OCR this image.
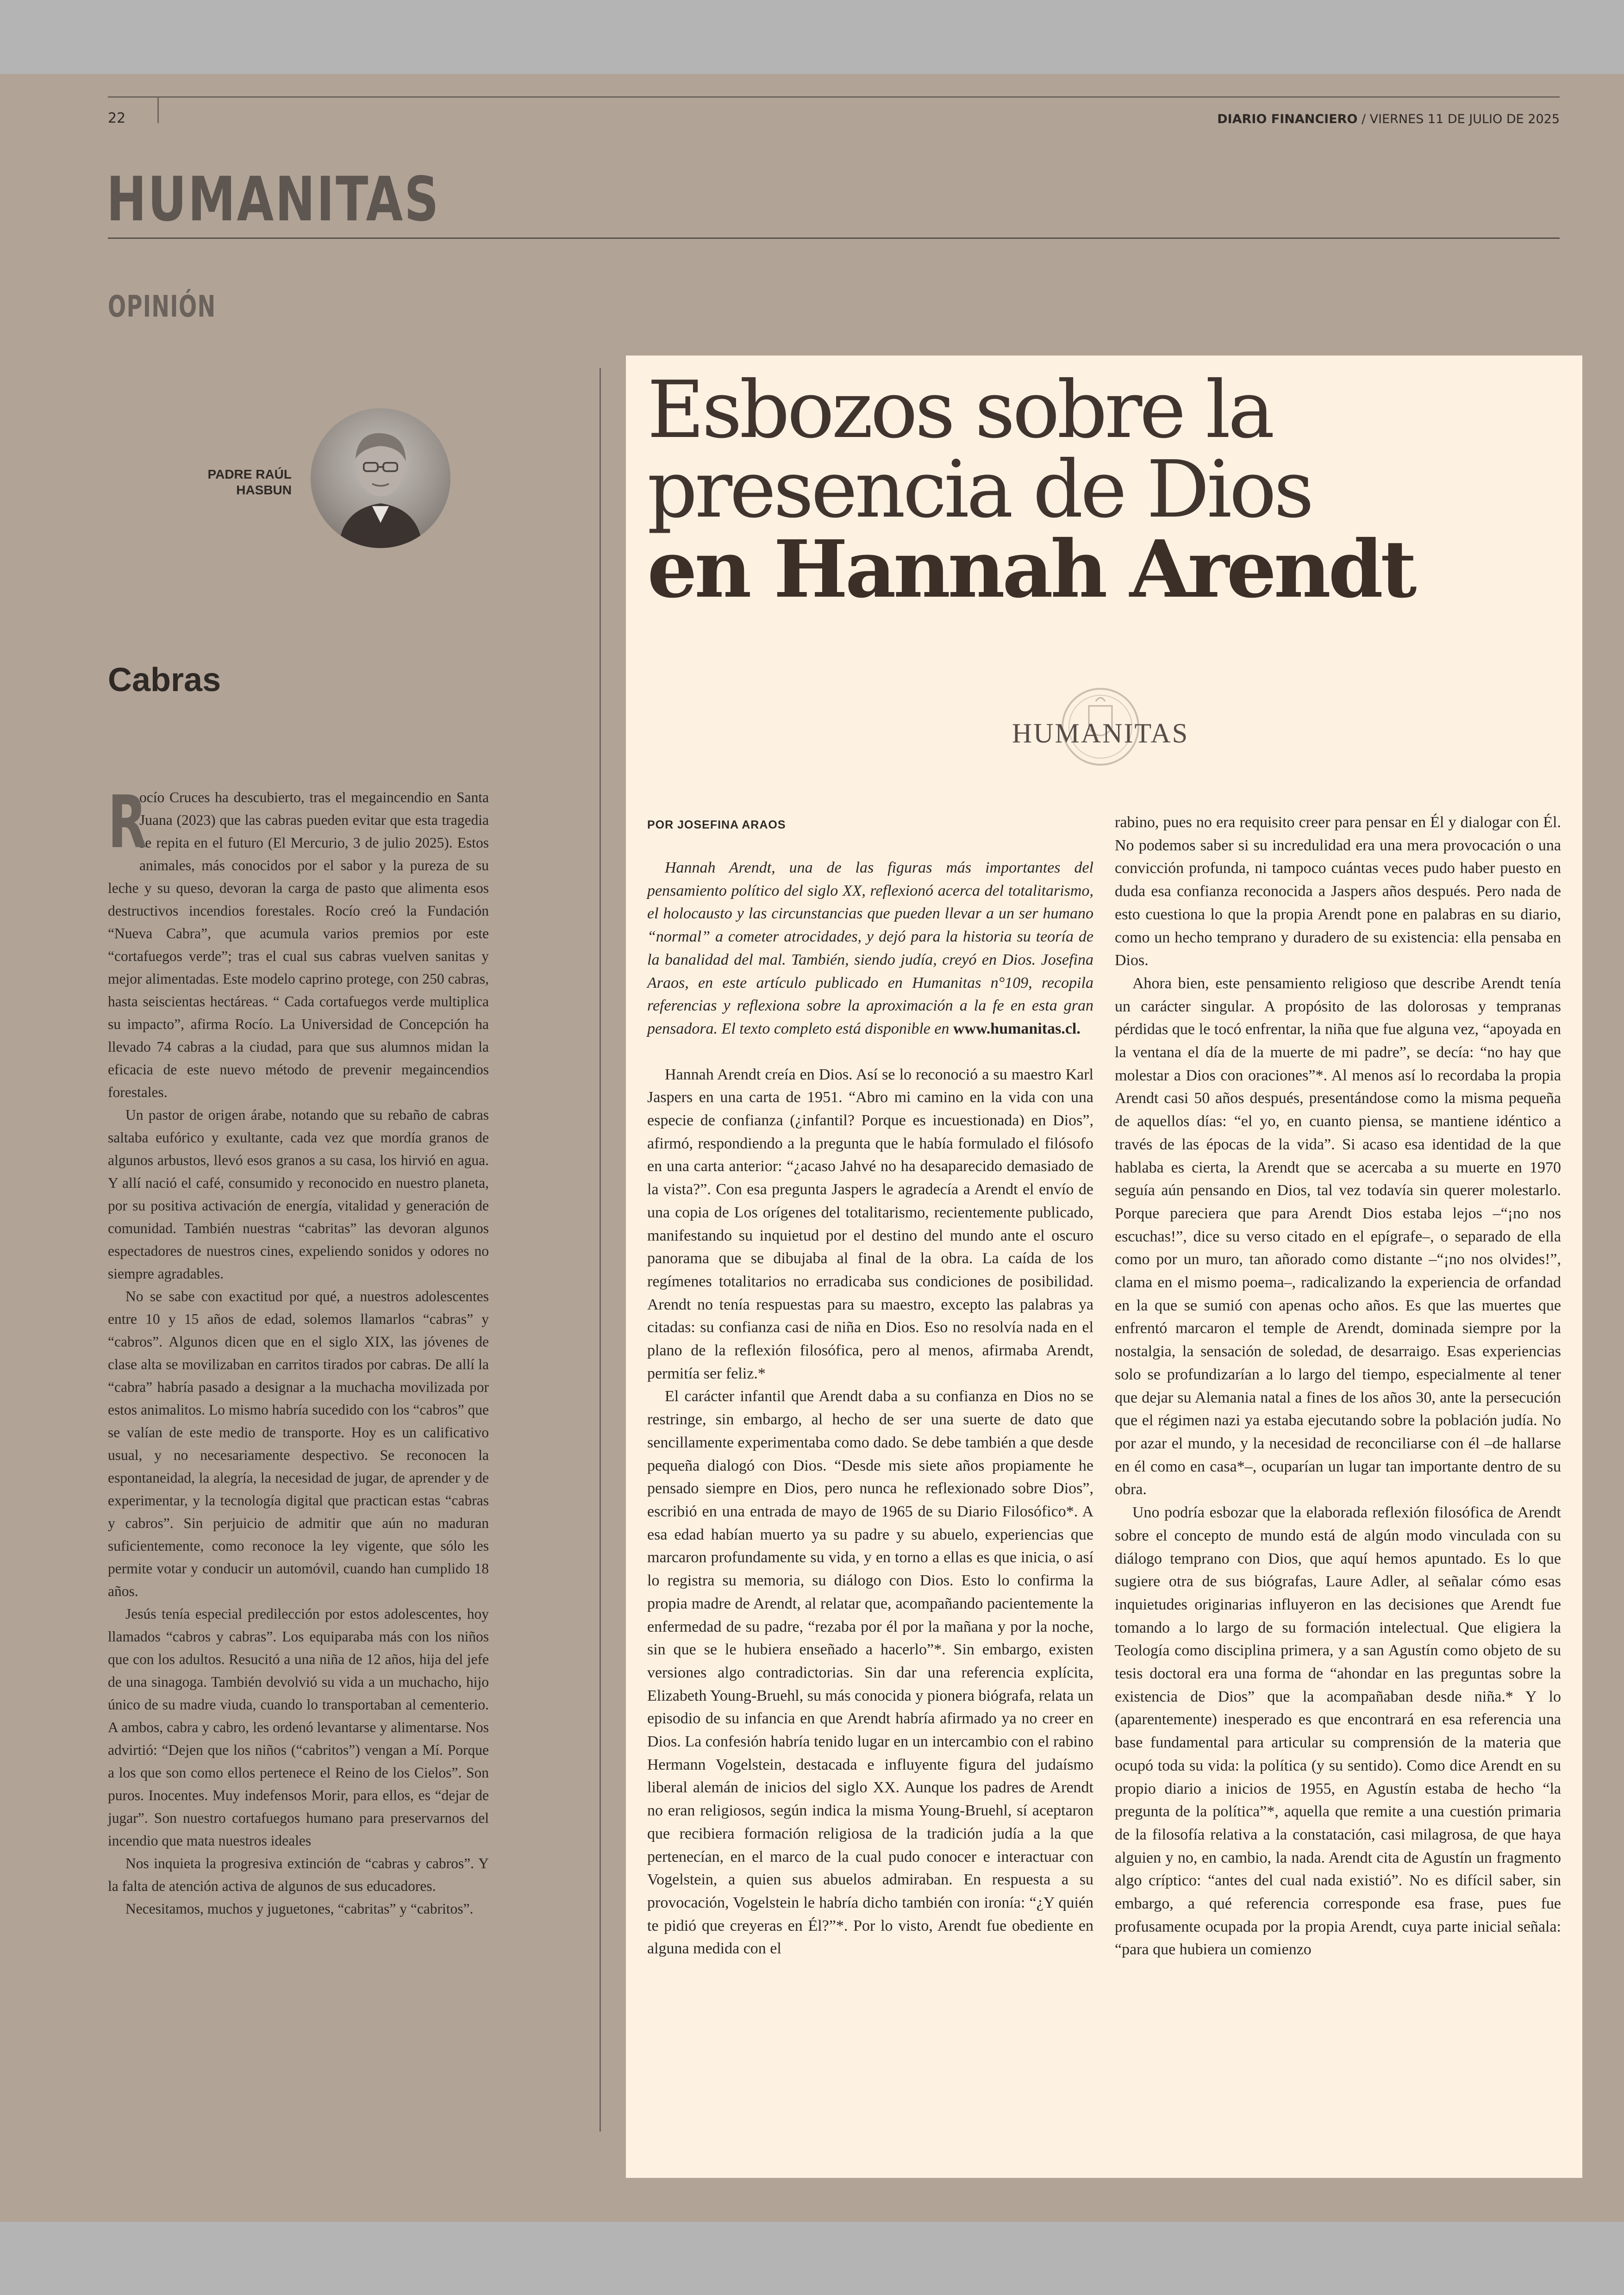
22	DIARIO FINANCIERO / VIERNES 11 DE JULIO DE 2025
HUMANITAS
OPINIÓN
PADRE RAÚL
HASBUN
Cabras

R
ocío Cruces ha descubierto, tras el megaincendio en Santa Juana (2023) que las cabras pueden evitar que esta tragedia se repita en el futuro (El Mercurio, 3 de julio 2025). Estos animales, más conocidos por el sabor y la pureza de su leche y su queso, devoran la carga de pasto que alimenta esos destructivos incendios forestales. Rocío creó la Fundación “Nueva Cabra”, que acumula varios premios por este “cortafuegos verde”; tras el cual sus cabras vuelven sanitas y mejor alimentadas. Este modelo caprino protege, con 250 cabras, hasta seiscientas hectáreas. “ Cada cortafuegos verde multiplica su impacto”, afirma Rocío. La Universidad de Concepción ha llevado 74 cabras a la ciudad, para que sus alumnos midan la eficacia de este nuevo método de prevenir megaincendios forestales.

Un pastor de origen árabe, notando que su rebaño de cabras saltaba eufórico y exultante, cada vez que mordía granos de algunos arbustos, llevó esos granos a su casa, los hirvió en agua. Y allí nació el café, consumido y reconocido en nuestro planeta, por su positiva activación de energía, vitalidad y generación de comunidad. También nuestras “cabritas” las devoran algunos espectadores de nuestros cines, expeliendo sonidos y odores no siempre agradables.

No se sabe con exactitud por qué, a nuestros adolescentes entre 10 y 15 años de edad, solemos llamarlos “cabras” y “cabros”. Algunos dicen que en el siglo XIX, las jóvenes de clase alta se movilizaban en carritos tirados por cabras. De allí la “cabra” habría pasado a designar a la muchacha movilizada por estos animalitos. Lo mismo habría sucedido con los “cabros” que se valían de este medio de transporte. Hoy es un calificativo usual, y no necesariamente despectivo. Se reconocen la espontaneidad, la alegría, la necesidad de jugar, de aprender y de experimentar, y la tecnología digital que practican estas “cabras y cabros”. Sin perjuicio de admitir que aún no maduran suficientemente, como reconoce la ley vigente, que sólo les permite votar y conducir un automóvil, cuando han cumplido 18 años.

Jesús tenía especial predilección por estos adolescentes, hoy llamados “cabros y cabras”. Los equiparaba más con los niños que con los adultos. Resucitó a una niña de 12 años, hija del jefe de una sinagoga. También devolvió su vida a un muchacho, hijo único de su madre viuda, cuando lo transportaban al cementerio. A ambos, cabra y cabro, les ordenó levantarse y alimentarse. Nos advirtió: “Dejen que los niños (“cabritos”) vengan a Mí. Porque a los que son como ellos pertenece el Reino de los Cielos”. Son puros. Inocentes. Muy indefensos Morir, para ellos, es “dejar de jugar”. Son nuestro cortafuegos humano para preservarnos del incendio que mata nuestros ideales

Nos inquieta la progresiva extinción de “cabras y cabros”. Y la falta de atención activa de algunos de sus educadores.

Necesitamos, muchos y juguetones, “cabritas” y “cabritos”.

Esbozos sobre la
presencia de Dios
en Hannah Arendt
HUMANITAS
POR JOSEFINA ARAOS

Hannah Arendt, una de las figuras más importantes del pensamiento político del siglo XX, reflexionó acerca del totalitarismo, el holocausto y las circunstancias que pueden llevar a un ser humano “normal” a cometer atrocidades, y dejó para la historia su teoría de la banalidad del mal. También, siendo judía, creyó en Dios. Josefina Araos, en este artículo publicado en Humanitas n°109, recopila referencias y reflexiona sobre la aproximación a la fe en esta gran pensadora. El texto completo está disponible en www.humanitas.cl.

Hannah Arendt creía en Dios. Así se lo reconoció a su maestro Karl Jaspers en una carta de 1951. “Abro mi camino en la vida con una especie de confianza (¿infantil? Porque es incuestionada) en Dios”, afirmó, respondiendo a la pregunta que le había formulado el filósofo en una carta anterior: “¿acaso Jahvé no ha desaparecido demasiado de la vista?”. Con esa pregunta Jaspers le agradecía a Arendt el envío de una copia de Los orígenes del totalitarismo, recientemente publicado, manifestando su inquietud por el destino del mundo ante el oscuro panorama que se dibujaba al final de la obra. La caída de los regímenes totalitarios no erradicaba sus condiciones de posibilidad. Arendt no tenía respuestas para su maestro, excepto las palabras ya citadas: su confianza casi de niña en Dios. Eso no resolvía nada en el plano de la reflexión filosófica, pero al menos, afirmaba Arendt, permitía ser feliz.*

El carácter infantil que Arendt daba a su confianza en Dios no se restringe, sin embargo, al hecho de ser una suerte de dato que sencillamente experimentaba como dado. Se debe también a que desde pequeña dialogó con Dios. “Desde mis siete años propiamente he pensado siempre en Dios, pero nunca he reflexionado sobre Dios”, escribió en una entrada de mayo de 1965 de su Diario Filosófico*. A esa edad habían muerto ya su padre y su abuelo, experiencias que marcaron profundamente su vida, y en torno a ellas es que inicia, o así lo registra su memoria, su diálogo con Dios. Esto lo confirma la propia madre de Arendt, al relatar que, acompañando pacientemente la enfermedad de su padre, “rezaba por él por la mañana y por la noche, sin que se le hubiera enseñado a hacerlo”*. Sin embargo, existen versiones algo contradictorias. Sin dar una referencia explícita, Elizabeth Young-Bruehl, su más conocida y pionera biógrafa, relata un episodio de su infancia en que Arendt habría afirmado ya no creer en Dios. La confesión habría tenido lugar en un intercambio con el rabino Hermann Vogelstein, destacada e influyente figura del judaísmo liberal alemán de inicios del siglo XX. Aunque los padres de Arendt no eran religiosos, según indica la misma Young-Bruehl, sí aceptaron que recibiera formación religiosa de la tradición judía a la que pertenecían, en el marco de la cual pudo conocer e interactuar con Vogelstein, a quien sus abuelos admiraban. En respuesta a su provocación, Vogelstein le habría dicho también con ironía: “¿Y quién te pidió que creyeras en Él?”*. Por lo visto, Arendt fue obediente en alguna medida con el

rabino, pues no era requisito creer para pensar en Él y dialogar con Él. No podemos saber si su incredulidad era una mera provocación o una convicción profunda, ni tampoco cuántas veces pudo haber puesto en duda esa confianza reconocida a Jaspers años después. Pero nada de esto cuestiona lo que la propia Arendt pone en palabras en su diario, como un hecho temprano y duradero de su existencia: ella pensaba en Dios.

Ahora bien, este pensamiento religioso que describe Arendt tenía un carácter singular. A propósito de las dolorosas y tempranas pérdidas que le tocó enfrentar, la niña que fue alguna vez, “apoyada en la ventana el día de la muerte de mi padre”, se decía: “no hay que molestar a Dios con oraciones”*. Al menos así lo recordaba la propia Arendt casi 50 años después, presentándose como la misma pequeña de aquellos días: “el yo, en cuanto piensa, se mantiene idéntico a través de las épocas de la vida”. Si acaso esa identidad de la que hablaba es cierta, la Arendt que se acercaba a su muerte en 1970 seguía aún pensando en Dios, tal vez todavía sin querer molestarlo. Porque pareciera que para Arendt Dios estaba lejos –“¡no nos escuchas!”, dice su verso citado en el epígrafe–, o separado de ella como por un muro, tan añorado como distante –“¡no nos olvides!”, clama en el mismo poema–, radicalizando la experiencia de orfandad en la que se sumió con apenas ocho años. Es que las muertes que enfrentó marcaron el temple de Arendt, dominada siempre por la nostalgia, la sensación de soledad, de desarraigo. Esas experiencias solo se profundizarían a lo largo del tiempo, especialmente al tener que dejar su Alemania natal a fines de los años 30, ante la persecución que el régimen nazi ya estaba ejecutando sobre la población judía. No por azar el mundo, y la necesidad de reconciliarse con él –de hallarse en él como en casa*–, ocuparían un lugar tan importante dentro de su obra.

Uno podría esbozar que la elaborada reflexión filosófica de Arendt sobre el concepto de mundo está de algún modo vinculada con su diálogo temprano con Dios, que aquí hemos apuntado. Es lo que sugiere otra de sus biógrafas, Laure Adler, al señalar cómo esas inquietudes originarias influyeron en las decisiones que Arendt fue tomando a lo largo de su formación intelectual. Que eligiera la Teología como disciplina primera, y a san Agustín como objeto de su tesis doctoral era una forma de “ahondar en las preguntas sobre la existencia de Dios” que la acompañaban desde niña.* Y lo (aparentemente) inesperado es que encontrará en esa referencia una base fundamental para articular su comprensión de la materia que ocupó toda su vida: la política (y su sentido). Como dice Arendt en su propio diario a inicios de 1955, en Agustín estaba de hecho “la pregunta de la política”*, aquella que remite a una cuestión primaria de la filosofía relativa a la constatación, casi milagrosa, de que haya alguien y no, en cambio, la nada. Arendt cita de Agustín un fragmento algo críptico: “antes del cual nada existió”. No es difícil saber, sin embargo, a qué referencia corresponde esa frase, pues fue profusamente ocupada por la propia Arendt, cuya parte inicial señala: “para que hubiera un comienzo
